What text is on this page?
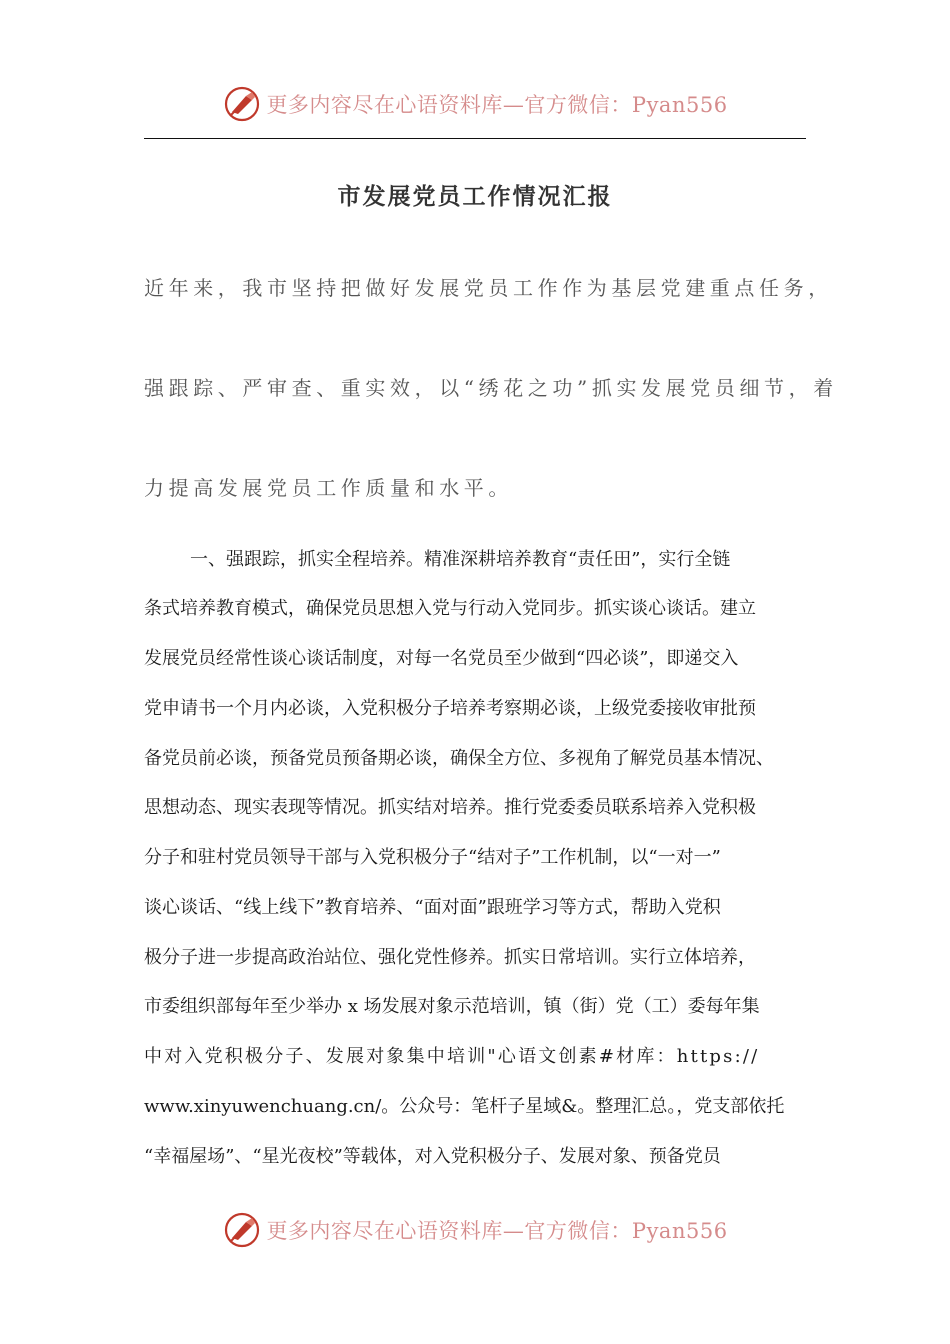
更多内容尽在心语资料库—官方微信：Pyan556
市发展党员工作情况汇报

近年来，我市坚持把做好发展党员工作作为基层党建重点任务，

强跟踪、严审查、重实效，以“绣花之功”抓实发展党员细节，着

力提高发展党员工作质量和水平。

一、强跟踪，抓实全程培养。精准深耕培养教育“责任田”，实行全链

条式培养教育模式，确保党员思想入党与行动入党同步。抓实谈心谈话。建立

发展党员经常性谈心谈话制度，对每一名党员至少做到“四必谈”，即递交入

党申请书一个月内必谈，入党积极分子培养考察期必谈，上级党委接收审批预

备党员前必谈，预备党员预备期必谈，确保全方位、多视角了解党员基本情况、

思想动态、现实表现等情况。抓实结对培养。推行党委委员联系培养入党积极

分子和驻村党员领导干部与入党积极分子“结对子”工作机制，以“一对一”

谈心谈话、“线上线下”教育培养、“面对面”跟班学习等方式，帮助入党积

极分子进一步提高政治站位、强化党性修养。抓实日常培训。实行立体培养，

市委组织部每年至少举办 x 场发展对象示范培训，镇（街）党（工）委每年集

中对入党积极分子、发展对象集中培训"心语文创素#材库：https://

www.xinyuwenchuang.cn/。公众号：笔杆子星域&。整理汇总。，党支部依托

“幸福屋场”、“星光夜校”等载体，对入党积极分子、发展对象、预备党员

更多内容尽在心语资料库—官方微信：Pyan556
